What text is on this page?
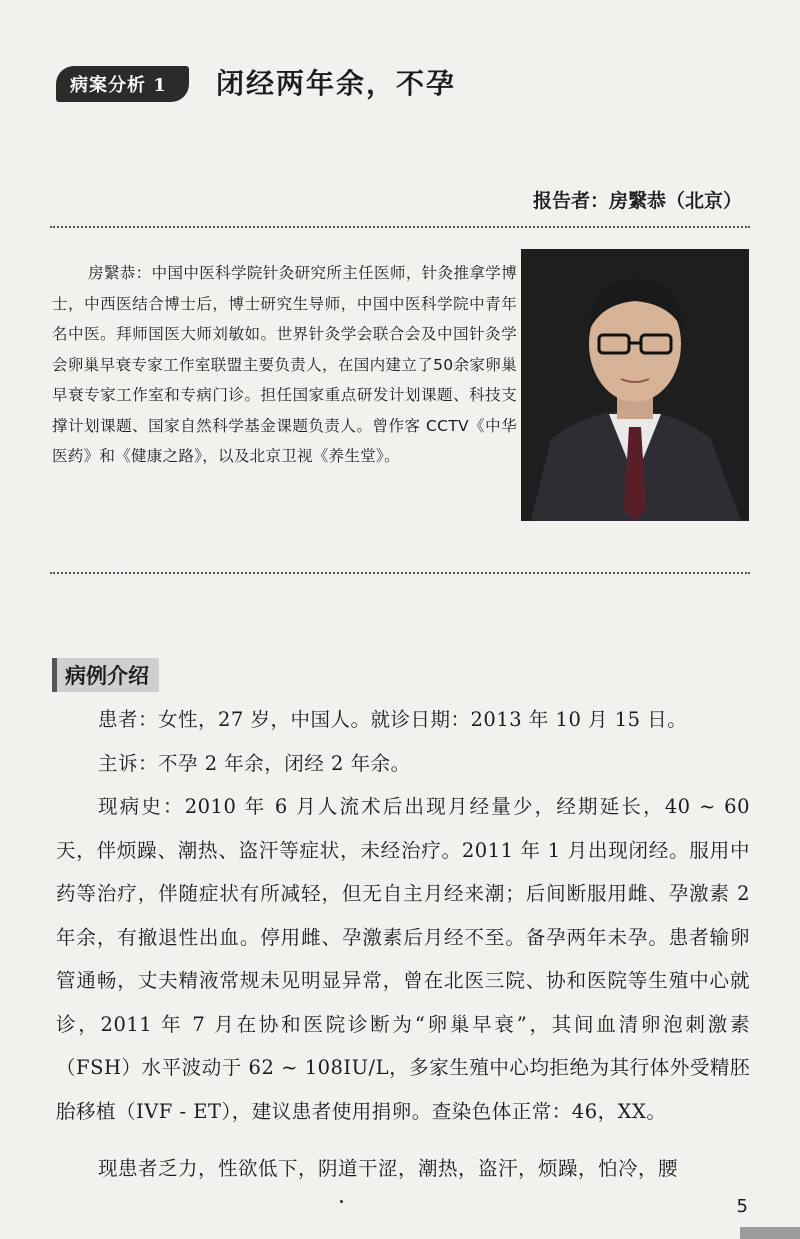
病案分析 1	闭经两年余，不孕
报告者：房繄恭（北京）
房繄恭：中国中医科学院针灸研究所主任医师，针灸推拿学博士，中西医结合博士后，博士研究生导师，中国中医科学院中青年名中医。拜师国医大师刘敏如。世界针灸学会联合会及中国针灸学会卵巢早衰专家工作室联盟主要负责人，在国内建立了50余家卵巢早衰专家工作室和专病门诊。担任国家重点研发计划课题、科技支撑计划课题、国家自然科学基金课题负责人。曾作客 CCTV《中华医药》和《健康之路》，以及北京卫视《养生堂》。
病例介绍

患者：女性，27 岁，中国人。就诊日期：2013 年 10 月 15 日。

主诉：不孕 2 年余，闭经 2 年余。

现病史：2010 年 6 月人流术后出现月经量少，经期延长，40 ~ 60 天，伴烦躁、潮热、盗汗等症状，未经治疗。2011 年 1 月出现闭经。服用中药等治疗，伴随症状有所减轻，但无自主月经来潮；后间断服用雌、孕激素 2 年余，有撤退性出血。停用雌、孕激素后月经不至。备孕两年未孕。患者输卵管通畅，丈夫精液常规未见明显异常，曾在北医三院、协和医院等生殖中心就诊，2011 年 7 月在协和医院诊断为“卵巢早衰”，其间血清卵泡刺激素（FSH）水平波动于 62 ~ 108IU/L，多家生殖中心均拒绝为其行体外受精胚胎移植（IVF - ET），建议患者使用捐卵。查染色体正常：46，XX。

现患者乏力，性欲低下，阴道干涩，潮热，盗汗，烦躁，怕冷，腰

5
